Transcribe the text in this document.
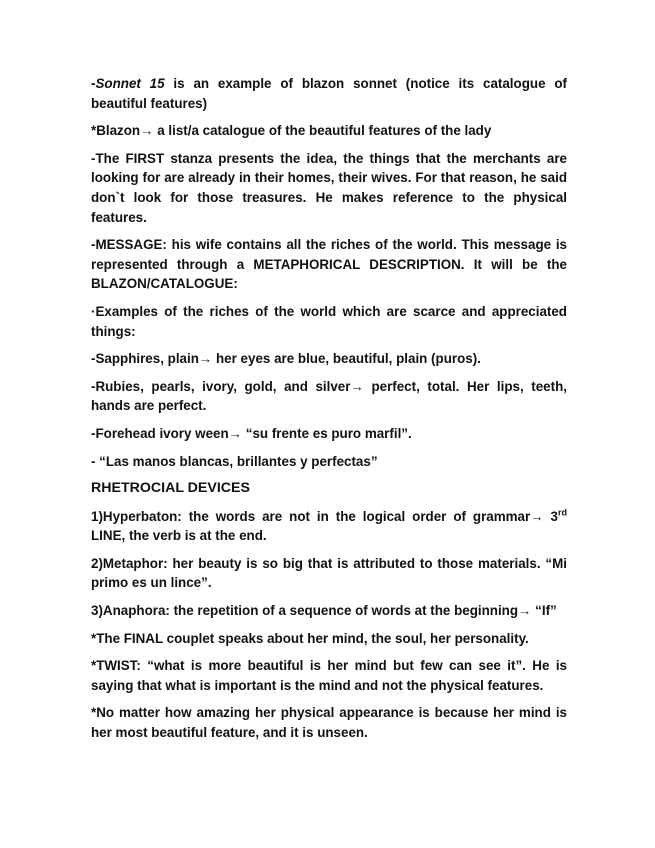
-Sonnet 15 is an example of blazon sonnet (notice its catalogue of beautiful features)

*Blazon→ a list/a catalogue of the beautiful features of the lady

-The FIRST stanza presents the idea, the things that the merchants are looking for are already in their homes, their wives. For that reason, he said don`t look for those treasures. He makes reference to the physical features.

-MESSAGE: his wife contains all the riches of the world. This message is represented through a METAPHORICAL DESCRIPTION. It will be the BLAZON/CATALOGUE:

·Examples of the riches of the world which are scarce and appreciated things:

-Sapphires, plain→ her eyes are blue, beautiful, plain (puros).

-Rubies, pearls, ivory, gold, and silver→ perfect, total. Her lips, teeth, hands are perfect.

-Forehead ivory ween→ “su frente es puro marfil”.

- “Las manos blancas, brillantes y perfectas”

RHETROCIAL DEVICES

1)Hyperbaton: the words are not in the logical order of grammar→ 3rd LINE, the verb is at the end.

2)Metaphor: her beauty is so big that is attributed to those materials. “Mi primo es un lince”.

3)Anaphora: the repetition of a sequence of words at the beginning→ “If”

*The FINAL couplet speaks about her mind, the soul, her personality.

*TWIST: “what is more beautiful is her mind but few can see it”. He is saying that what is important is the mind and not the physical features.

*No matter how amazing her physical appearance is because her mind is her most beautiful feature, and it is unseen.
